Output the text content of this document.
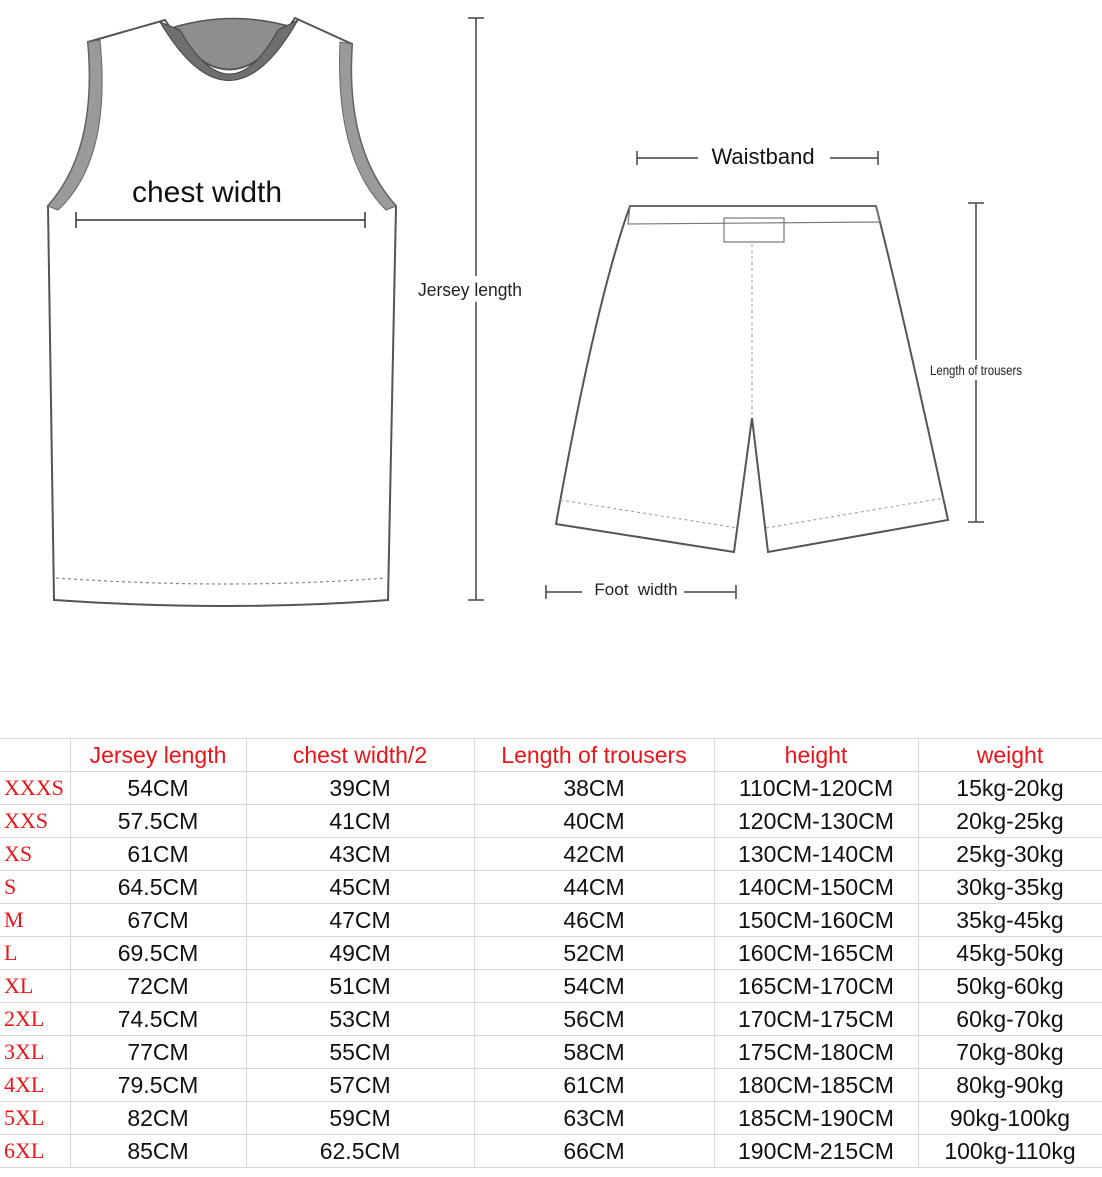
chest width
Jersey length
Waistband
Length of trousers
Foot  width
	Jersey length	chest width/2	Length of trousers	height	weight
XXXS	54CM	39CM	38CM	110CM-120CM	15kg-20kg
XXS	57.5CM	41CM	40CM	120CM-130CM	20kg-25kg
XS	61CM	43CM	42CM	130CM-140CM	25kg-30kg
S	64.5CM	45CM	44CM	140CM-150CM	30kg-35kg
M	67CM	47CM	46CM	150CM-160CM	35kg-45kg
L	69.5CM	49CM	52CM	160CM-165CM	45kg-50kg
XL	72CM	51CM	54CM	165CM-170CM	50kg-60kg
2XL	74.5CM	53CM	56CM	170CM-175CM	60kg-70kg
3XL	77CM	55CM	58CM	175CM-180CM	70kg-80kg
4XL	79.5CM	57CM	61CM	180CM-185CM	80kg-90kg
5XL	82CM	59CM	63CM	185CM-190CM	90kg-100kg
6XL	85CM	62.5CM	66CM	190CM-215CM	100kg-110kg
